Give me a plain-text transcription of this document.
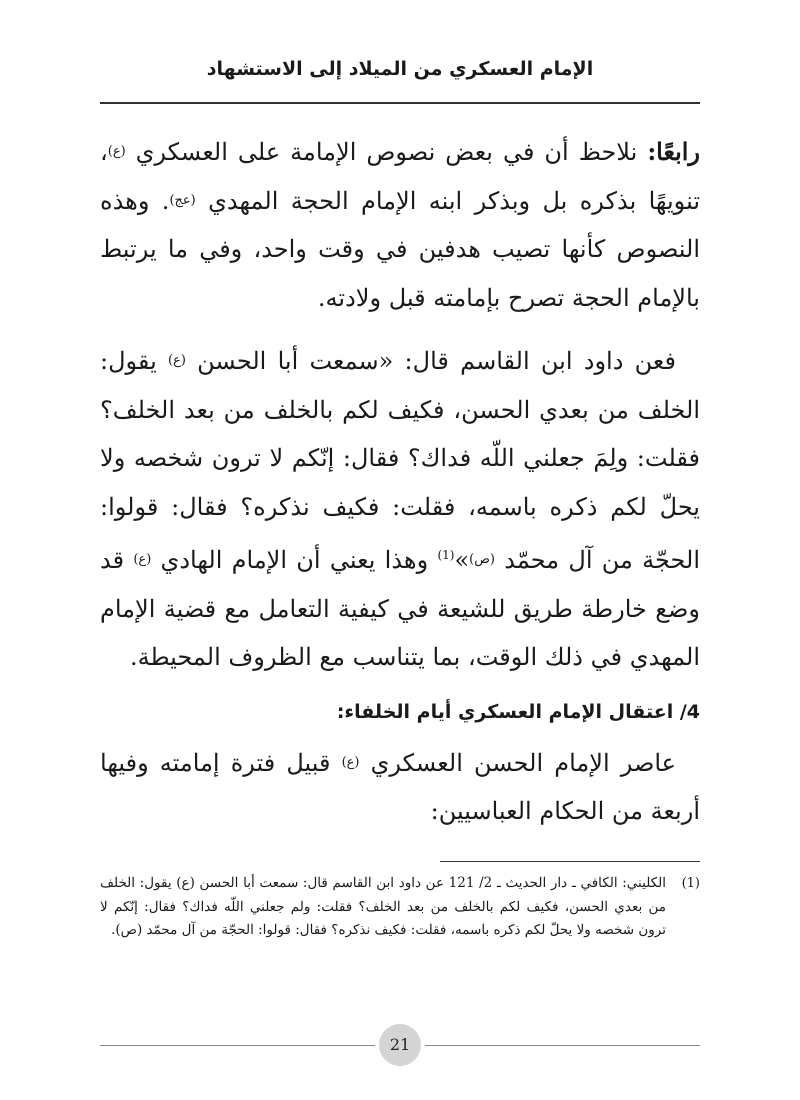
الإمام العسكري من الميلاد إلى الاستشهاد

رابعًا: نلاحظ أن في بعض نصوص الإمامة على العسكري $^{(ع)}$، تنويهًا بذكره بل وبذكر ابنه الإمام الحجة المهدي $^{(عج)}$. وهذه النصوص كأنها تصيب هدفين في وقت واحد، وفي ما يرتبط بالإمام الحجة تصرح بإمامته قبل ولادته.

فعن داود ابن القاسم قال: «سمعت أبا الحسن $^{(ع)}$ يقول: الخلف من بعدي الحسن، فكيف لكم بالخلف من بعد الخلف؟ فقلت: ولِمَ جعلني اللّه فداك؟ فقال: إنّكم لا ترون شخصه ولا يحلّ لكم ذكره باسمه، فقلت: فكيف نذكره؟ فقال: قولوا: الحجّة من آل محمّد $^{(ص)}$»$^{(1)}$ وهذا يعني أن الإمام الهادي $^{(ع)}$ قد وضع خارطة طريق للشيعة في كيفية التعامل مع قضية الإمام المهدي في ذلك الوقت، بما يتناسب مع الظروف المحيطة.

4/ اعتقال الإمام العسكري أيام الخلفاء:

عاصر الإمام الحسن العسكري $^{(ع)}$ قبيل فترة إمامته وفيها أربعة من الحكام العباسيين:

(1)
الكليني: الكافي ـ دار الحديث ـ 2/ 121 عن داود ابن القاسم قال: سمعت أبا الحسن (ع) يقول: الخلف من بعدي الحسن، فكيف لكم بالخلف من بعد الخلف؟ فقلت: ولم جعلني اللّه فداك؟ فقال: إنّكم لا ترون شخصه ولا يحلّ لكم ذكره باسمه، فقلت: فكيف نذكره؟ فقال: قولوا: الحجّة من آل محمّد (ص).
21
